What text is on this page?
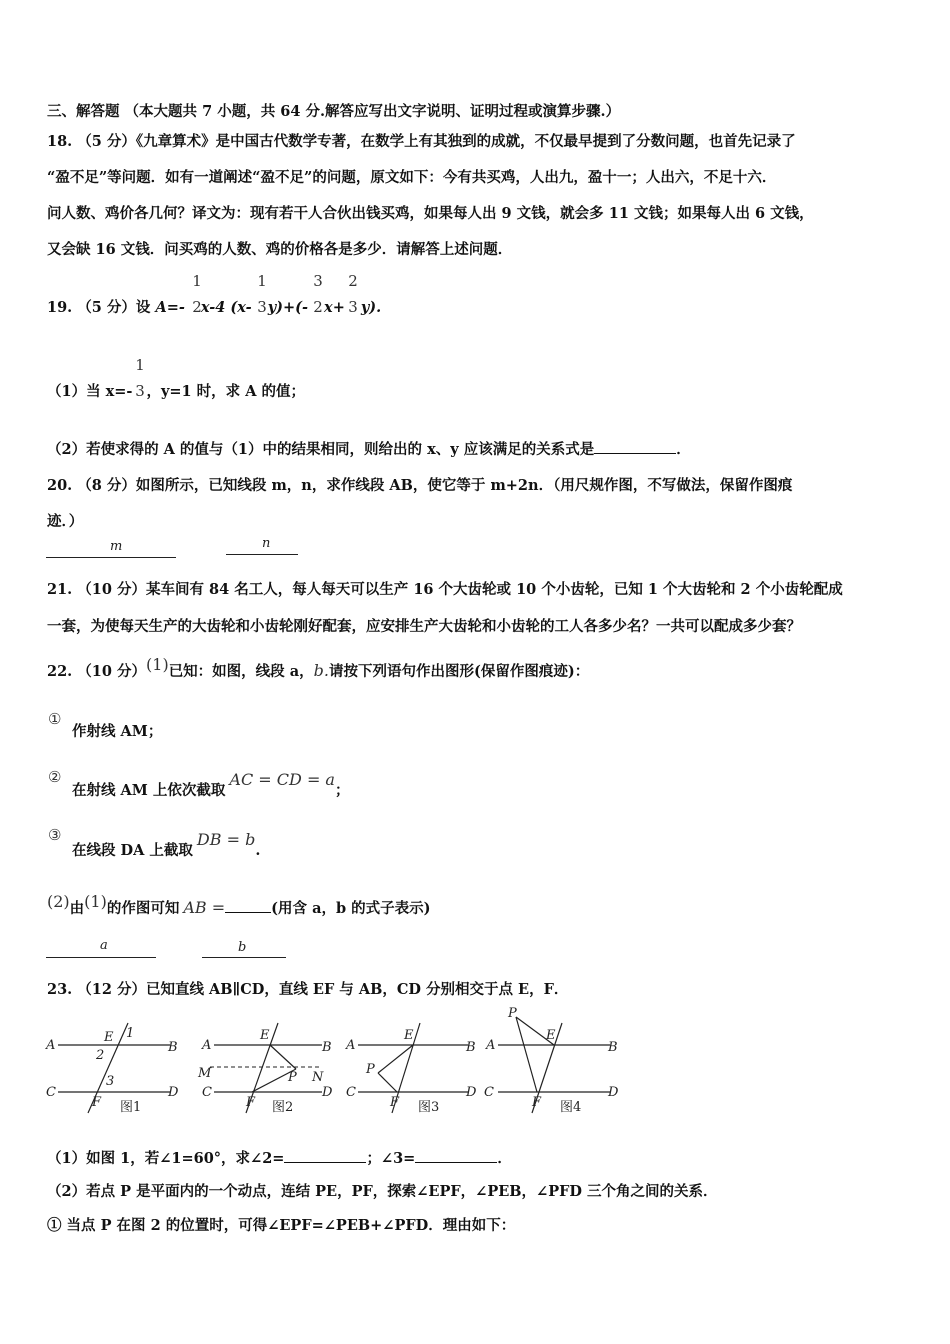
三、解答题 （本大题共 7 小题，共 64 分.解答应写出文字说明、证明过程或演算步骤.）
18. （5 分）《九章算术》是中国古代数学专著，在数学上有其独到的成就，不仅最早提到了分数问题，也首先记录了
“盈不足”等问题．如有一道阐述“盈不足”的问题，原文如下：今有共买鸡，人出九，盈十一；人出六，不足十六．
问人数、鸡价各几何？译文为：现有若干人合伙出钱买鸡，如果每人出 9 文钱，就会多 11 文钱；如果每人出 6 文钱，
又会缺 16 文钱．问买鸡的人数、鸡的价格各是多少．请解答上述问题．
19. （5 分）设 A=- x-4 (x- y)+(- x+ y).
1
2
1
3
3
2
2
3
（1）当 x=- ，y=1 时，求 A 的值；
1
3
（2）若使求得的 A 的值与（1）中的结果相同，则给出的 x、y 应该满足的关系式是	．
20. （8 分）如图所示，已知线段 m，n，求作线段 AB，使它等于 m+2n．（用尺规作图，不写做法，保留作图痕
迹．）
m	n
21. （10 分）某车间有 84 名工人，每人每天可以生产 16 个大齿轮或 10 个小齿轮，已知 1 个大齿轮和 2 个小齿轮配成
一套，为使每天生产的大齿轮和小齿轮刚好配套，应安排生产大齿轮和小齿轮的工人各多少名？一共可以配成多少套？
22. （10 分）(1)已知：如图，线段 a，b.请按下列语句作出图形(保留作图痕迹)：
①
作射线 AM；
②
在射线 AM 上依次截取AC = CD = a；
③
在线段 DA 上截取DB = b.
(2)由(1)的作图可知 AB =	(用含 a，b 的式子表示)
a	b
23. （12 分）已知直线 AB∥CD，直线 EF 与 AB，CD 分别相交于点 E，F．
A	B
C	D
E 1
2
3
F 图1
A	B
M	N
C	D
E
P
F 图2
A	B
C	D
E
P
F 图3
A	B
C	D
P
E
F 图4
（1）如图 1，若∠1=60°，求∠2=	；∠3=	．
（2）若点 P 是平面内的一个动点，连结 PE，PF，探索∠EPF，∠PEB，∠PFD 三个角之间的关系．
① 当点 P 在图 2 的位置时，可得∠EPF=∠PEB+∠PFD．理由如下：
